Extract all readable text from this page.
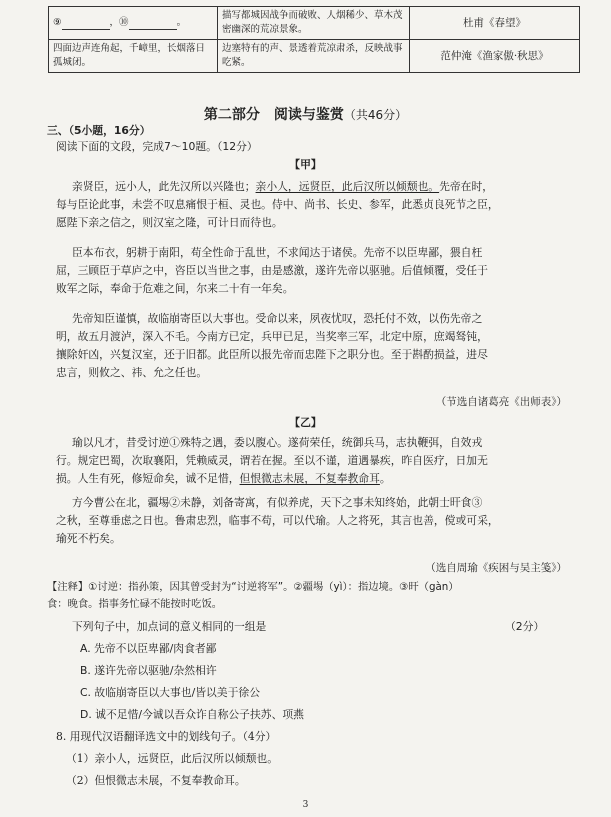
⑨ ，⑩ 。	描写都城因战争而破败、人烟稀少、草木茂密幽深的荒凉景象。	杜甫《春望》
四面边声连角起，千嶂里，长烟落日孤城闭。	边塞特有的声、景透着荒凉肃杀，反映战事吃紧。	范仲淹《渔家傲·秋思》
第二部分　阅读与鉴赏（共46分）
三、（5小题，16分）
阅读下面的文段，完成7～10题。（12分）
【甲】
亲贤臣，远小人，此先汉所以兴隆也；亲小人，远贤臣，此后汉所以倾颓也。先帝在时，
每与臣论此事，未尝不叹息痛恨于桓、灵也。侍中、尚书、长史、参军，此悉贞良死节之臣，
愿陛下亲之信之，则汉室之隆，可计日而待也。
臣本布衣，躬耕于南阳，苟全性命于乱世，不求闻达于诸侯。先帝不以臣卑鄙，猥自枉
屈，三顾臣于草庐之中，咨臣以当世之事，由是感激，遂许先帝以驱驰。后值倾覆，受任于
败军之际，奉命于危难之间，尔来二十有一年矣。
先帝知臣谨慎，故临崩寄臣以大事也。受命以来，夙夜忧叹，恐托付不效，以伤先帝之
明，故五月渡泸，深入不毛。今南方已定，兵甲已足，当奖率三军，北定中原，庶竭驽钝，
攘除奸凶，兴复汉室，还于旧都。此臣所以报先帝而忠陛下之职分也。至于斟酌损益，进尽
忠言，则攸之、祎、允之任也。
（节选自诸葛亮《出师表》）
【乙】
瑜以凡才，昔受讨逆①殊特之遇，委以腹心。遂荷荣任，统御兵马，志执鞭弭，自效戎
行。规定巴蜀，次取襄阳，凭赖威灵，谓若在握。至以不谨，道遇暴疾，昨自医疗，日加无
损。人生有死，修短命矣，诚不足惜，但恨微志未展，不复奉教命耳。
方今曹公在北，疆埸②未静，刘备寄寓，有似养虎，天下之事未知终始，此朝士旰食③
之秋，至尊垂虑之日也。鲁肃忠烈，临事不苟，可以代瑜。人之将死，其言也善，傥或可采，
瑜死不朽矣。
（选自周瑜《疾困与吴主笺》）
【注释】①讨逆：指孙策，因其曾受封为“讨逆将军”。②疆埸（yì）：指边境。③旰（gàn）
食：晚食。指事务忙碌不能按时吃饭。
下列句子中，加点词的意义相同的一组是	（2分）
A. 先帝不以臣卑鄙/肉食者鄙
B. 遂许先帝以驱驰/杂然相许
C. 故临崩寄臣以大事也/皆以美于徐公
D. 诚不足惜/今诚以吾众诈自称公子扶苏、项燕
8. 用现代汉语翻译选文中的划线句子。（4分）
（1）亲小人，远贤臣，此后汉所以倾颓也。
（2）但恨微志未展，不复奉教命耳。
3
